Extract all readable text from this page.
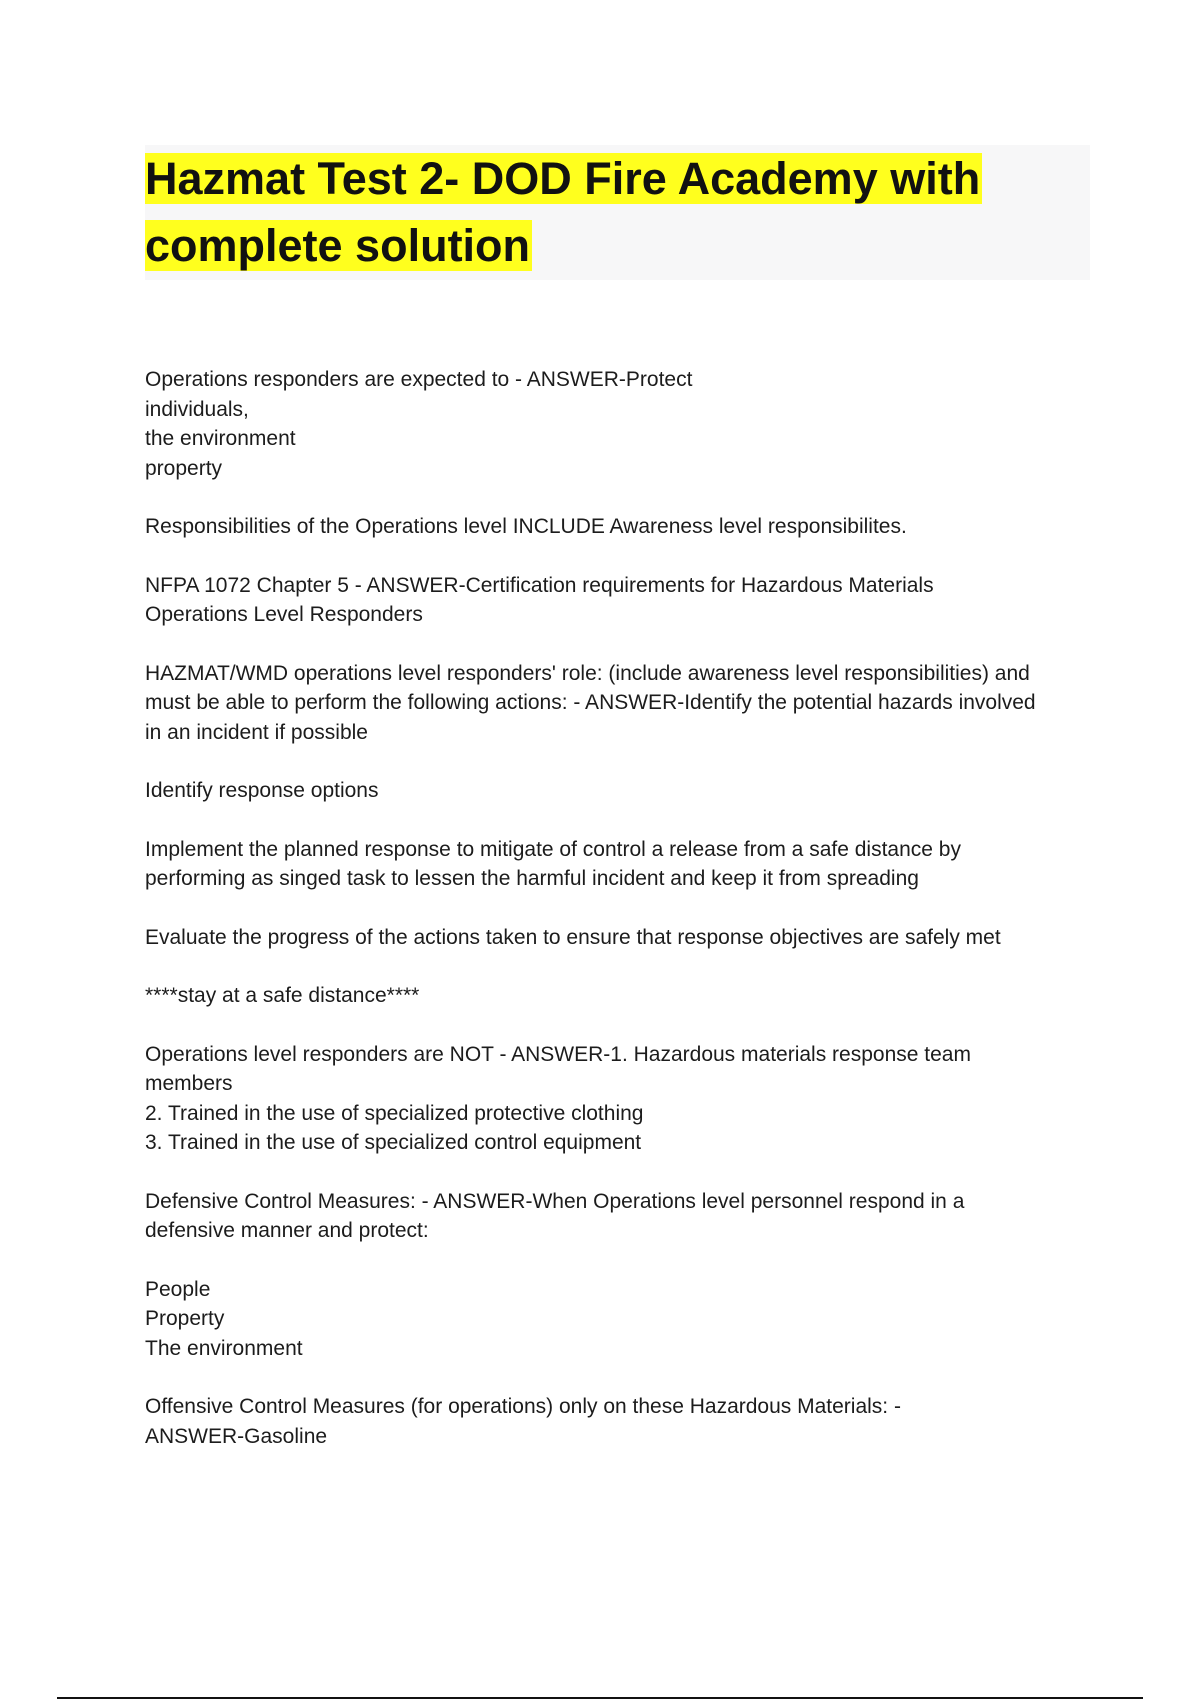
Hazmat Test 2- DOD Fire Academy with complete solution

Operations responders are expected to - ANSWER-Protect
individuals,
the environment
property

Responsibilities of the Operations level INCLUDE Awareness level responsibilites.

NFPA 1072 Chapter 5 - ANSWER-Certification requirements for Hazardous Materials
Operations Level Responders

HAZMAT/WMD operations level responders' role: (include awareness level responsibilities) and
must be able to perform the following actions: - ANSWER-Identify the potential hazards involved
in an incident if possible

Identify response options

Implement the planned response to mitigate of control a release from a safe distance by
performing as singed task to lessen the harmful incident and keep it from spreading

Evaluate the progress of the actions taken to ensure that response objectives are safely met

****stay at a safe distance****

Operations level responders are NOT - ANSWER-1. Hazardous materials response team
members
2. Trained in the use of specialized protective clothing
3. Trained in the use of specialized control equipment

Defensive Control Measures: - ANSWER-When Operations level personnel respond in a
defensive manner and protect:

People
Property
The environment

Offensive Control Measures (for operations) only on these Hazardous Materials: -
ANSWER-Gasoline
